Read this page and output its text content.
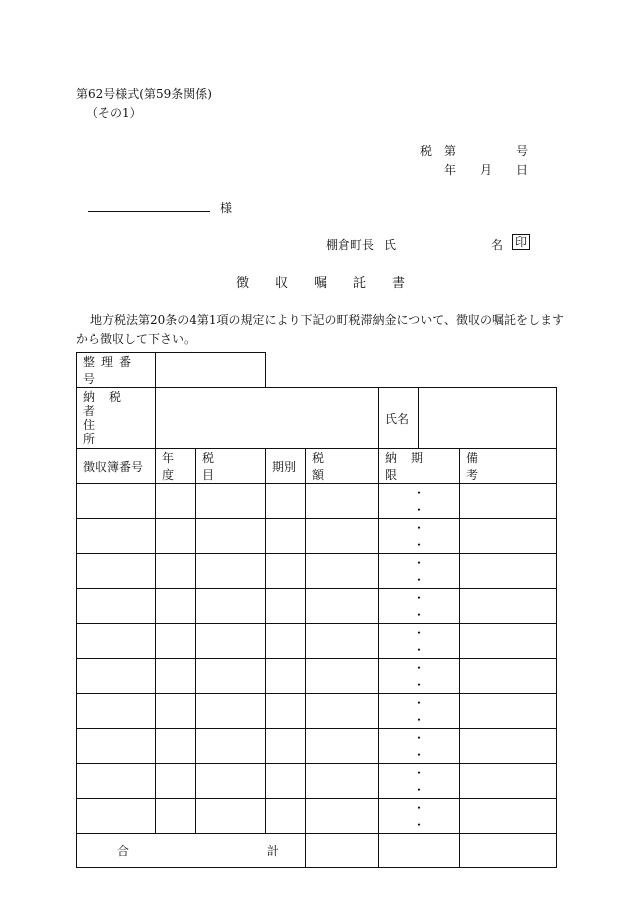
第62号様式(第59条関係)
（その1）
税 第	号
年 月 日
様
棚倉町長 氏	名 印
徴収嘱託書
地方税法第20条の4第1項の規定により下記の町税滞納金について、徴収の嘱託をします
から徴収して下さい。
整理番号							

納税者
住所					氏名		
徴収簿番号	年度	税目	期別	税額	納期限		備考
					・ ・		
					・ ・		
					・ ・		
					・ ・		
					・ ・		
					・ ・		
					・ ・		
					・ ・		
					・ ・		
					・ ・		

合 計							
